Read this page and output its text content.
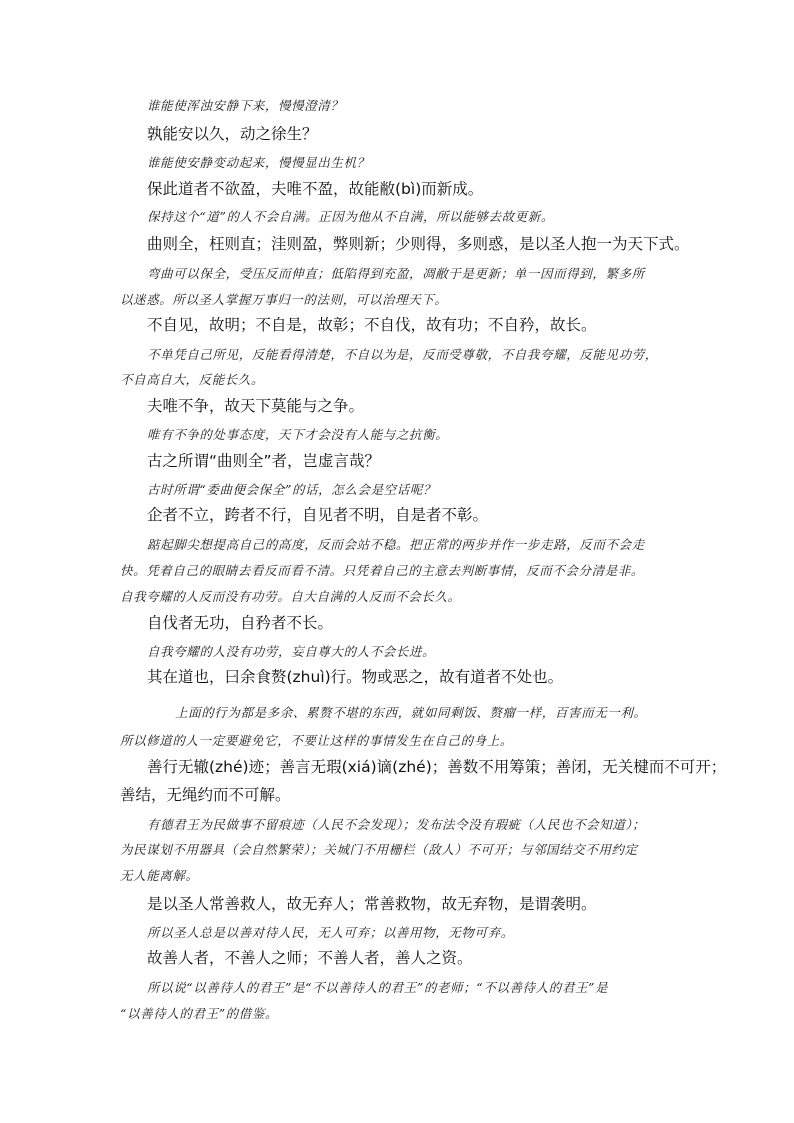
谁能使浑浊安静下来，慢慢澄清？

孰能安以久，动之徐生？

谁能使安静变动起来，慢慢显出生机？

保此道者不欲盈，夫唯不盈，故能敝(bì)而新成。

保持这个“道”的人不会自满。正因为他从不自满，所以能够去故更新。

曲则全，枉则直；洼则盈，弊则新；少则得，多则惑，是以圣人抱一为天下式。

弯曲可以保全，受压反而伸直；低陷得到充盈，凋敝于是更新；单一因而得到，繁多所

以迷惑。所以圣人掌握万事归一的法则，可以治理天下。

不自见，故明；不自是，故彰；不自伐，故有功；不自矜，故长。

不单凭自己所见，反能看得清楚，不自以为是，反而受尊敬，不自我夸耀，反能见功劳，

不自高自大，反能长久。

夫唯不争，故天下莫能与之争。

唯有不争的处事态度，天下才会没有人能与之抗衡。

古之所谓“曲则全”者，岂虚言哉？

古时所谓“委曲便会保全”的话，怎么会是空话呢？

企者不立，跨者不行，自见者不明，自是者不彰。

踮起脚尖想提高自己的高度，反而会站不稳。把正常的两步并作一步走路，反而不会走

快。凭着自己的眼睛去看反而看不清。只凭着自己的主意去判断事情，反而不会分清是非。

自我夸耀的人反而没有功劳。自大自满的人反而不会长久。

自伐者无功，自矜者不长。

自我夸耀的人没有功劳，妄自尊大的人不会长进。

其在道也，曰余食赘(zhuì)行。物或恶之，故有道者不处也。

上面的行为都是多余、累赘不堪的东西，就如同剩饭、赘瘤一样，百害而无一利。

所以修道的人一定要避免它，不要让这样的事情发生在自己的身上。

善行无辙(zhé)迹；善言无瑕(xiá)谪(zhé)；善数不用筹策；善闭，无关楗而不可开；

善结，无绳约而不可解。

有德君王为民做事不留痕迹（人民不会发现）；发布法令没有瑕疵（人民也不会知道）；

为民谋划不用器具（会自然繁荣）；关城门不用栅栏（敌人）不可开；与邻国结交不用约定

无人能离解。

是以圣人常善救人，故无弃人；常善救物，故无弃物，是谓袭明。

所以圣人总是以善对待人民，无人可弃；以善用物，无物可弃。

故善人者，不善人之师；不善人者，善人之资。

所以说“以善待人的君王”是“不以善待人的君王”的老师；“不以善待人的君王”是

“以善待人的君王”的借鉴。
